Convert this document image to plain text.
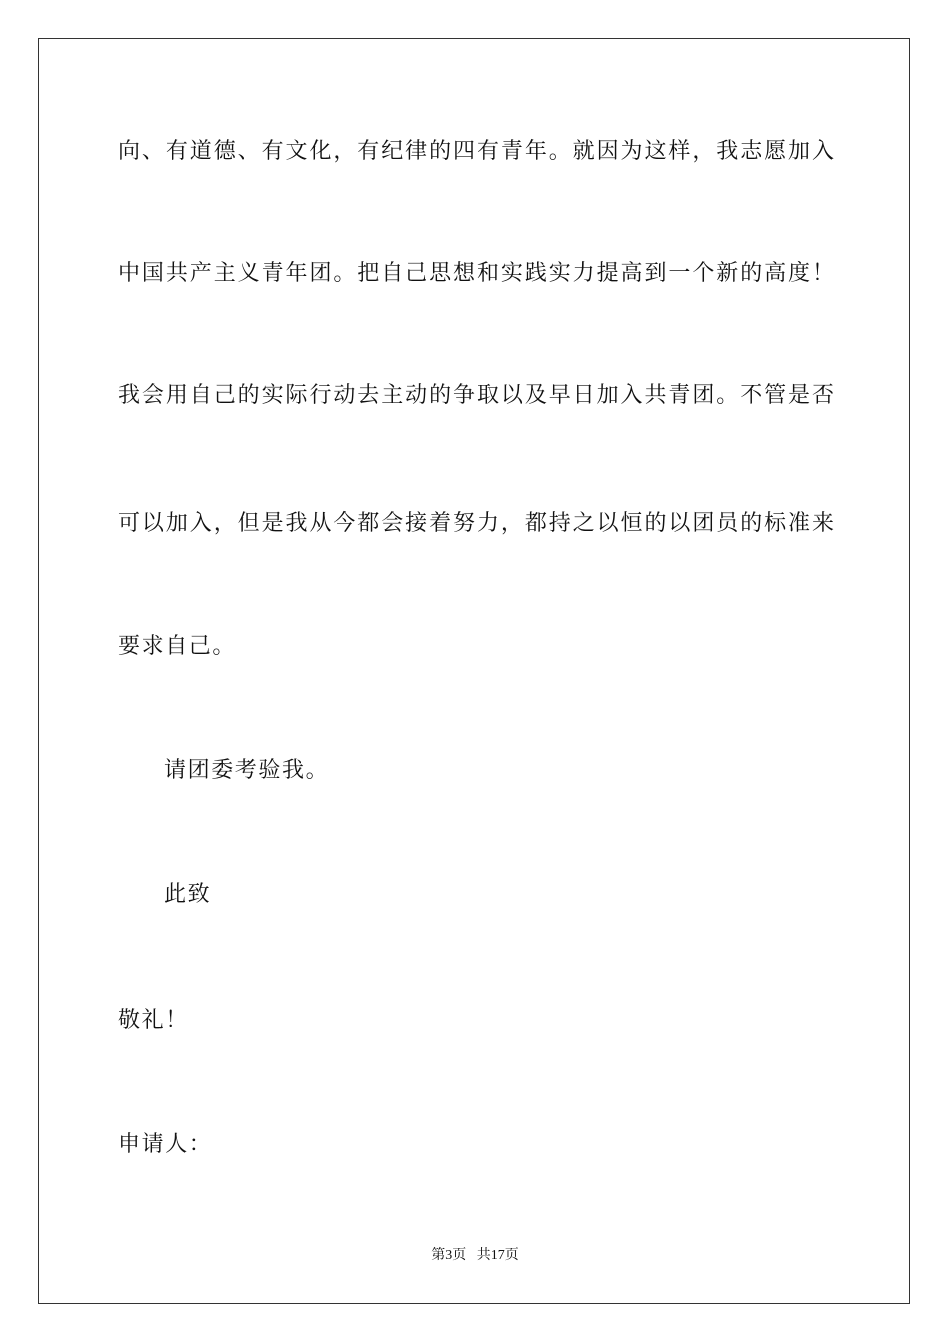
向、有道德、有文化，有纪律的四有青年。就因为这样，我志愿加入
中国共产主义青年团。把自己思想和实践实力提高到一个新的高度！
我会用自己的实际行动去主动的争取以及早日加入共青团。不管是否
可以加入，但是我从今都会接着努力，都持之以恒的以团员的标准来
要求自己。
请团委考验我。
此致
敬礼！
申请人：
第3页 共17页
